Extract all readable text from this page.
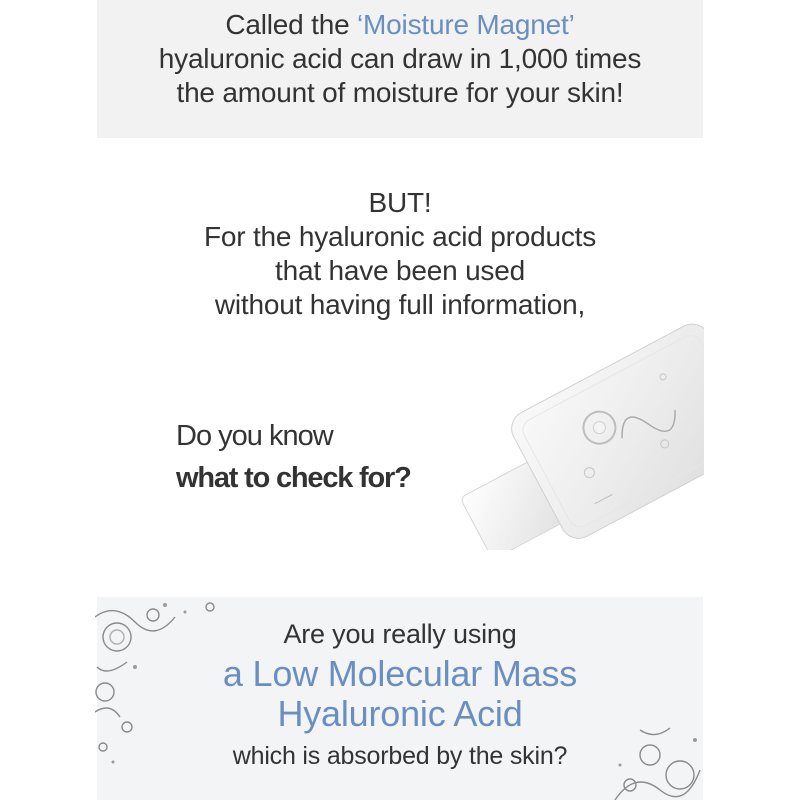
Called the ‘Moisture Magnet’
hyaluronic acid can draw in 1,000 times
the amount of moisture for your skin!
BUT!
For the hyaluronic acid products
that have been used
without having full information,
Do you know
what to check for?
Are you really using
a Low Molecular Mass
Hyaluronic Acid
which is absorbed by the skin?
